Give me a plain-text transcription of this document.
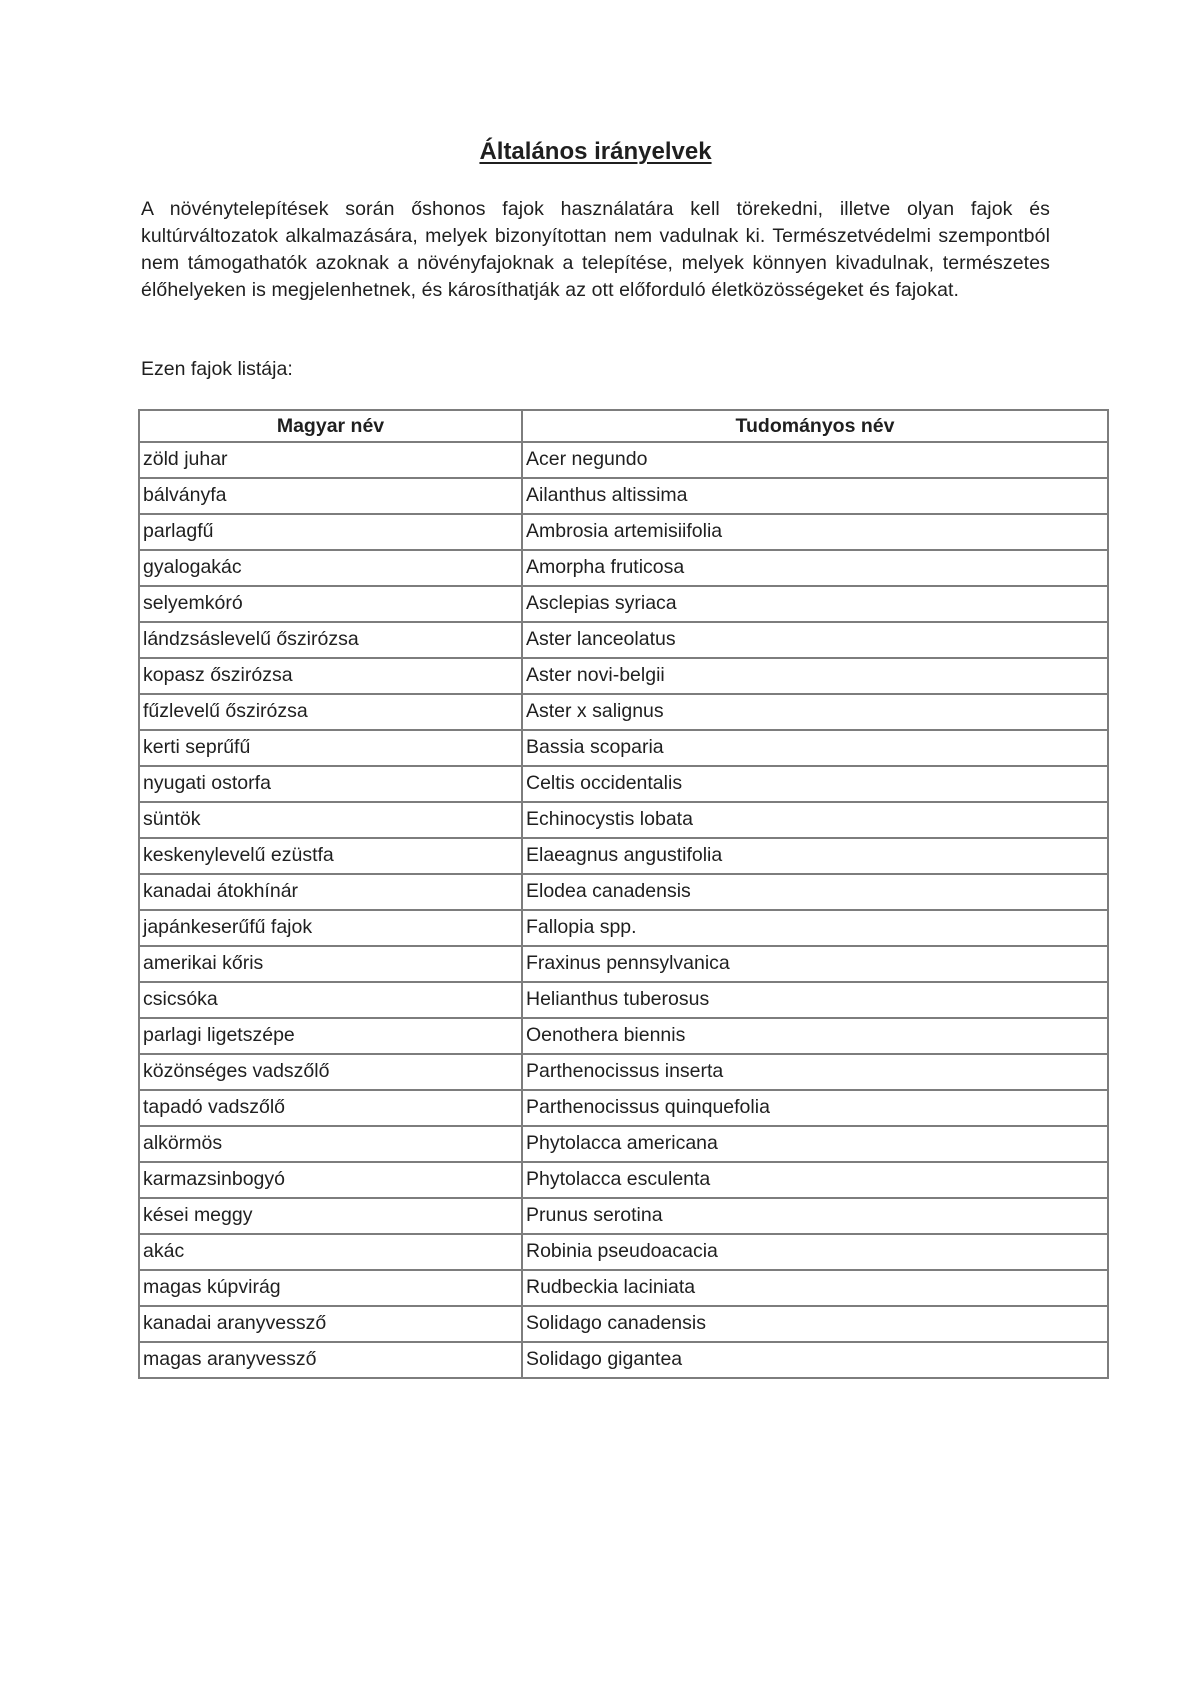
Általános irányelvek
A növénytelepítések során őshonos fajok használatára kell törekedni, illetve olyan fajok és kultúrváltozatok alkalmazására, melyek bizonyítottan nem vadulnak ki. Természetvédelmi szempontból nem támogathatók azoknak a növényfajoknak a telepítése, melyek könnyen kivadulnak, természetes élőhelyeken is megjelenhetnek, és károsíthatják az ott előforduló életközösségeket és fajokat.
Ezen fajok listája:
Magyar név	Tudományos név
zöld juhar	Acer negundo
bálványfa	Ailanthus altissima
parlagfű	Ambrosia artemisiifolia
gyalogakác	Amorpha fruticosa
selyemkóró	Asclepias syriaca
lándzsáslevelű őszirózsa	Aster lanceolatus
kopasz őszirózsa	Aster novi-belgii
fűzlevelű őszirózsa	Aster x salignus
kerti seprűfű	Bassia scoparia
nyugati ostorfa	Celtis occidentalis
süntök	Echinocystis lobata
keskenylevelű ezüstfa	Elaeagnus angustifolia
kanadai átokhínár	Elodea canadensis
japánkeserűfű fajok	Fallopia spp.
amerikai kőris	Fraxinus pennsylvanica
csicsóka	Helianthus tuberosus
parlagi ligetszépe	Oenothera biennis
közönséges vadszőlő	Parthenocissus inserta
tapadó vadszőlő	Parthenocissus quinquefolia
alkörmös	Phytolacca americana
karmazsinbogyó	Phytolacca esculenta
kései meggy	Prunus serotina
akác	Robinia pseudoacacia
magas kúpvirág	Rudbeckia laciniata
kanadai aranyvessző	Solidago canadensis
magas aranyvessző	Solidago gigantea
